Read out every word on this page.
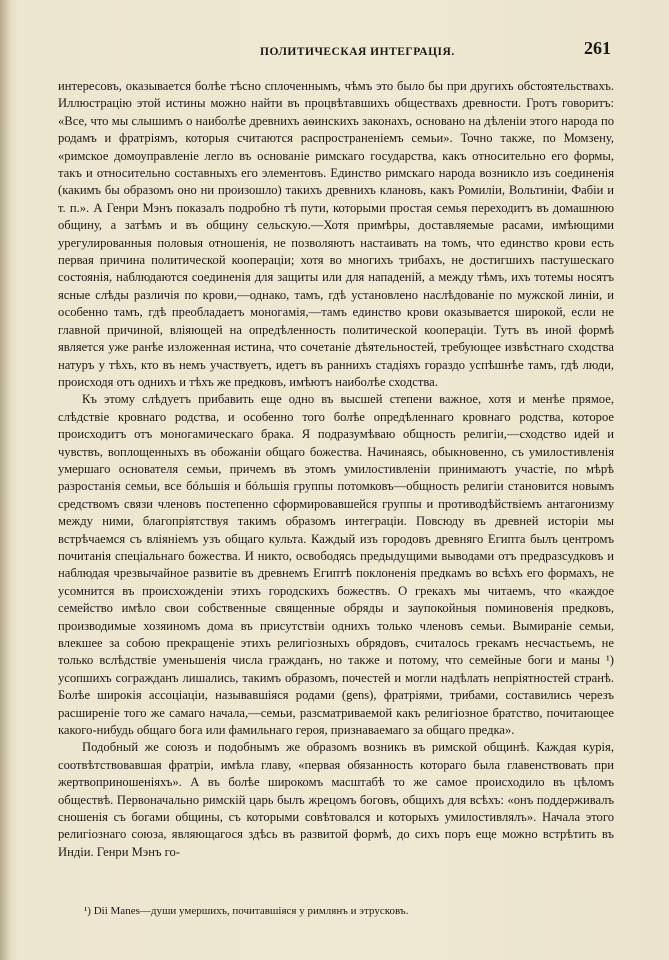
ПОЛИТИЧЕСКАЯ ИНТЕГРАЦІЯ.	261

интересовъ, оказывается болѣе тѣсно сплоченнымъ, чѣмъ это было бы при другихъ обстоятельствахъ. Иллюстрацію этой истины можно найти въ процвѣтавшихъ обществахъ древности. Гротъ говоритъ: «Все, что мы слышимъ о наиболѣе древнихъ аѳинскихъ законахъ, основано на дѣленіи этого народа по родамъ и фратріямъ, которыя считаются распространеніемъ семьи». Точно также, по Момзену, «римское домоуправленіе легло въ основаніе римскаго государства, какъ относительно его формы, такъ и относительно составныхъ его элементовъ. Единство римскаго народа возникло изъ соединенія (какимъ бы образомъ оно ни произошло) такихъ древнихъ клановъ, какъ Ромиліи, Вольтиніи, Фабіи и т. п.». А Генри Мэнъ показалъ подробно тѣ пути, которыми простая семья переходитъ въ домашнюю общину, а затѣмъ и въ общину сельскую.—Хотя примѣры, доставляемые расами, имѣющими урегулированныя половыя отношенія, не позволяютъ настаивать на томъ, что единство крови есть первая причина политической коопераціи; хотя во многихъ трибахъ, не достигшихъ пастушескаго состоянія, наблюдаются соединенія для защиты или для нападеній, а между тѣмъ, ихъ тотемы носятъ ясные слѣды различія по крови,—однако, тамъ, гдѣ установлено наслѣдованіе по мужской линіи, и особенно тамъ, гдѣ преобладаетъ моногамія,—тамъ единство крови оказывается широкой, если не главной причиной, вліяющей на опредѣленность политической коопераціи. Тутъ въ иной формѣ является уже ранѣе изложенная истина, что сочетаніе дѣятельностей, требующее извѣстнаго сходства натуръ у тѣхъ, кто въ немъ участвуетъ, идетъ въ раннихъ стадіяхъ гораздо успѣшнѣе тамъ, гдѣ люди, происходя отъ однихъ и тѣхъ же предковъ, имѣютъ наиболѣе сходства.

Къ этому слѣдуетъ прибавить еще одно въ высшей степени важное, хотя и менѣе прямое, слѣдствіе кровнаго родства, и особенно того болѣе опредѣленнаго кровнаго родства, которое происходитъ отъ моногамическаго брака. Я подразумѣваю общность религіи,—сходство идей и чувствъ, воплощенныхъ въ обожаніи общаго божества. Начинаясь, обыкновенно, съ умилостивленія умершаго основателя семьи, причемъ въ этомъ умилостивленіи принимаютъ участіе, по мѣрѣ разростанія семьи, все бóльшія и бóльшія группы потомковъ—общность религіи становится новымъ средствомъ связи членовъ постепенно сформировавшейся группы и противодѣйствіемъ антагонизму между ними, благопріятствуя такимъ образомъ интеграціи. Повсюду въ древней исторіи мы встрѣчаемся съ вліяніемъ узъ общаго культа. Каждый изъ городовъ древняго Египта былъ центромъ почитанія спеціальнаго божества. И никто, освободясь предыдущими выводами отъ предразсудковъ и наблюдая чрезвычайное развитіе въ древнемъ Египтѣ поклоненія предкамъ во всѣхъ его формахъ, не усомнится въ происхожденіи этихъ городскихъ божествъ. О грекахъ мы читаемъ, что «каждое семейство имѣло свои собственные священные обряды и заупокойныя поминовенія предковъ, производимые хозяиномъ дома въ присутствіи однихъ только членовъ семьи. Вымираніе семьи, влекшее за собою прекращеніе этихъ религіозныхъ обрядовъ, считалось грекамъ несчастьемъ, не только вслѣдствіе уменьшенія числа гражданъ, но также и потому, что семейные боги и маны ¹) усопшихъ согражданъ лишались, такимъ образомъ, почестей и могли надѣлать непріятностей странѣ. Болѣе широкія ассоціаціи, называвшіяся родами (gens), фратріями, трибами, составились черезъ расширеніе того же самаго начала,—семьи, разсматриваемой какъ религіозное братство, почитающее какого-нибудь общаго бога или фамильнаго героя, признаваемаго за общаго предка».

Подобный же союзъ и подобнымъ же образомъ возникъ въ римской общинѣ. Каждая курія, соотвѣтствовавшая фратріи, имѣла главу, «первая обязанность котораго была главенствовать при жертвоприношеніяхъ». А въ болѣе широкомъ масштабѣ то же самое происходило въ цѣломъ обществѣ. Первоначально римскій царь былъ жрецомъ боговъ, общихъ для всѣхъ: «онъ поддерживалъ сношенія съ богами общины, съ которыми совѣтовался и которыхъ умилостивлялъ». Начала этого религіознаго союза, являющагося здѣсь въ развитой формѣ, до сихъ поръ еще можно встрѣтить въ Индіи. Генри Мэнъ го-

¹) Dii Manes—души умершихъ, почитавшіяся у римлянъ и этрусковъ.
